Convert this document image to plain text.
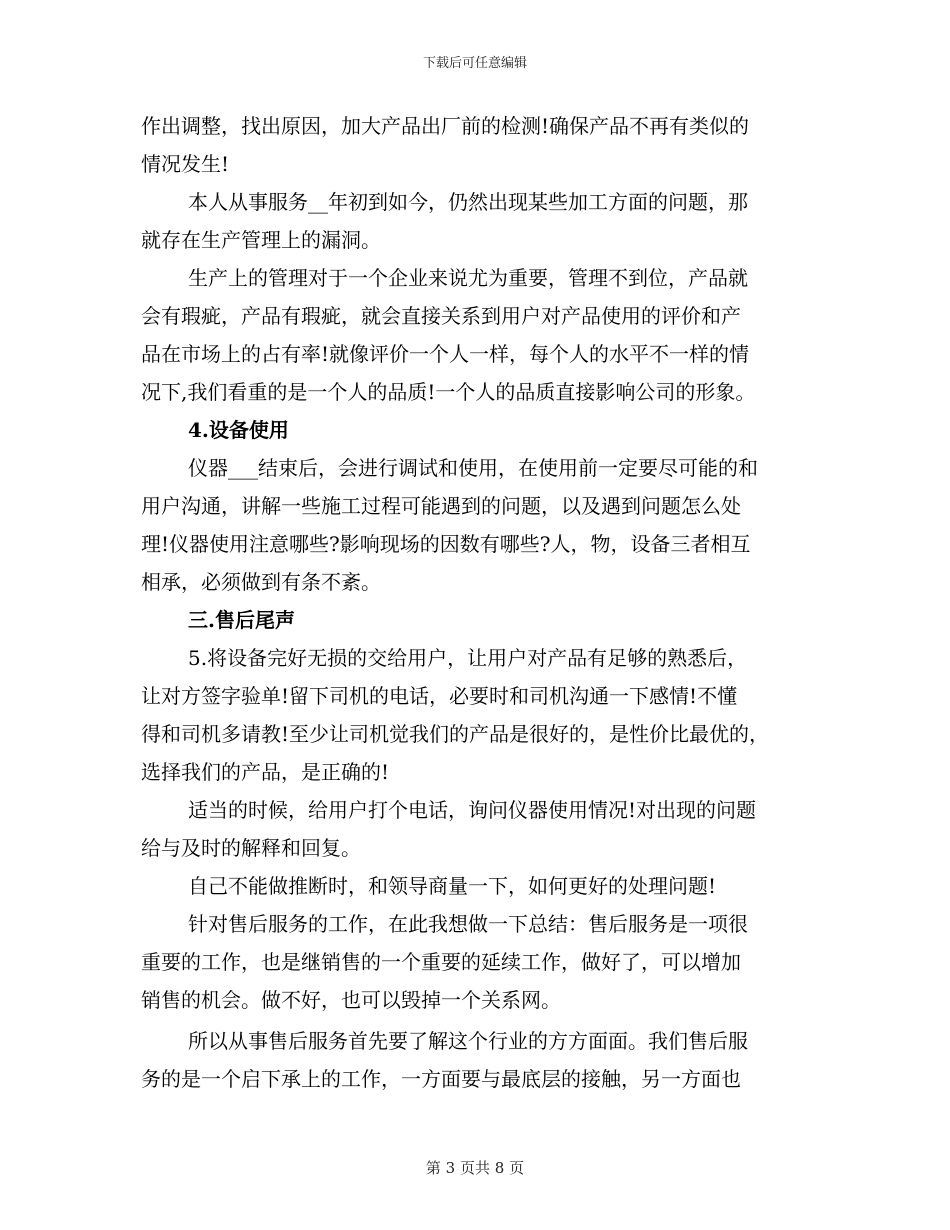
下载后可任意编辑
作出调整，找出原因，加大产品出厂前的检测!确保产品不再有类似的
情况发生!
本人从事服务__年初到如今，仍然出现某些加工方面的问题，那
就存在生产管理上的漏洞。
生产上的管理对于一个企业来说尤为重要，管理不到位，产品就
会有瑕疵，产品有瑕疵，就会直接关系到用户对产品使用的评价和产
品在市场上的占有率!就像评价一个人一样，每个人的水平不一样的情
况下,我们看重的是一个人的品质!一个人的品质直接影响公司的形象。
4.设备使用
仪器___结束后，会进行调试和使用，在使用前一定要尽可能的和
用户沟通，讲解一些施工过程可能遇到的问题，以及遇到问题怎么处
理!仪器使用注意哪些?影响现场的因数有哪些?人，物，设备三者相互
相承，必须做到有条不紊。
三.售后尾声
5.将设备完好无损的交给用户，让用户对产品有足够的熟悉后，
让对方签字验单!留下司机的电话，必要时和司机沟通一下感情!不懂
得和司机多请教!至少让司机觉我们的产品是很好的，是性价比最优的，
选择我们的产品，是正确的!
适当的时候，给用户打个电话，询问仪器使用情况!对出现的问题
给与及时的解释和回复。
自己不能做推断时，和领导商量一下，如何更好的处理问题!
针对售后服务的工作，在此我想做一下总结：售后服务是一项很
重要的工作，也是继销售的一个重要的延续工作，做好了，可以增加
销售的机会。做不好，也可以毁掉一个关系网。
所以从事售后服务首先要了解这个行业的方方面面。我们售后服
务的是一个启下承上的工作，一方面要与最底层的接触，另一方面也
第 3 页共 8 页
